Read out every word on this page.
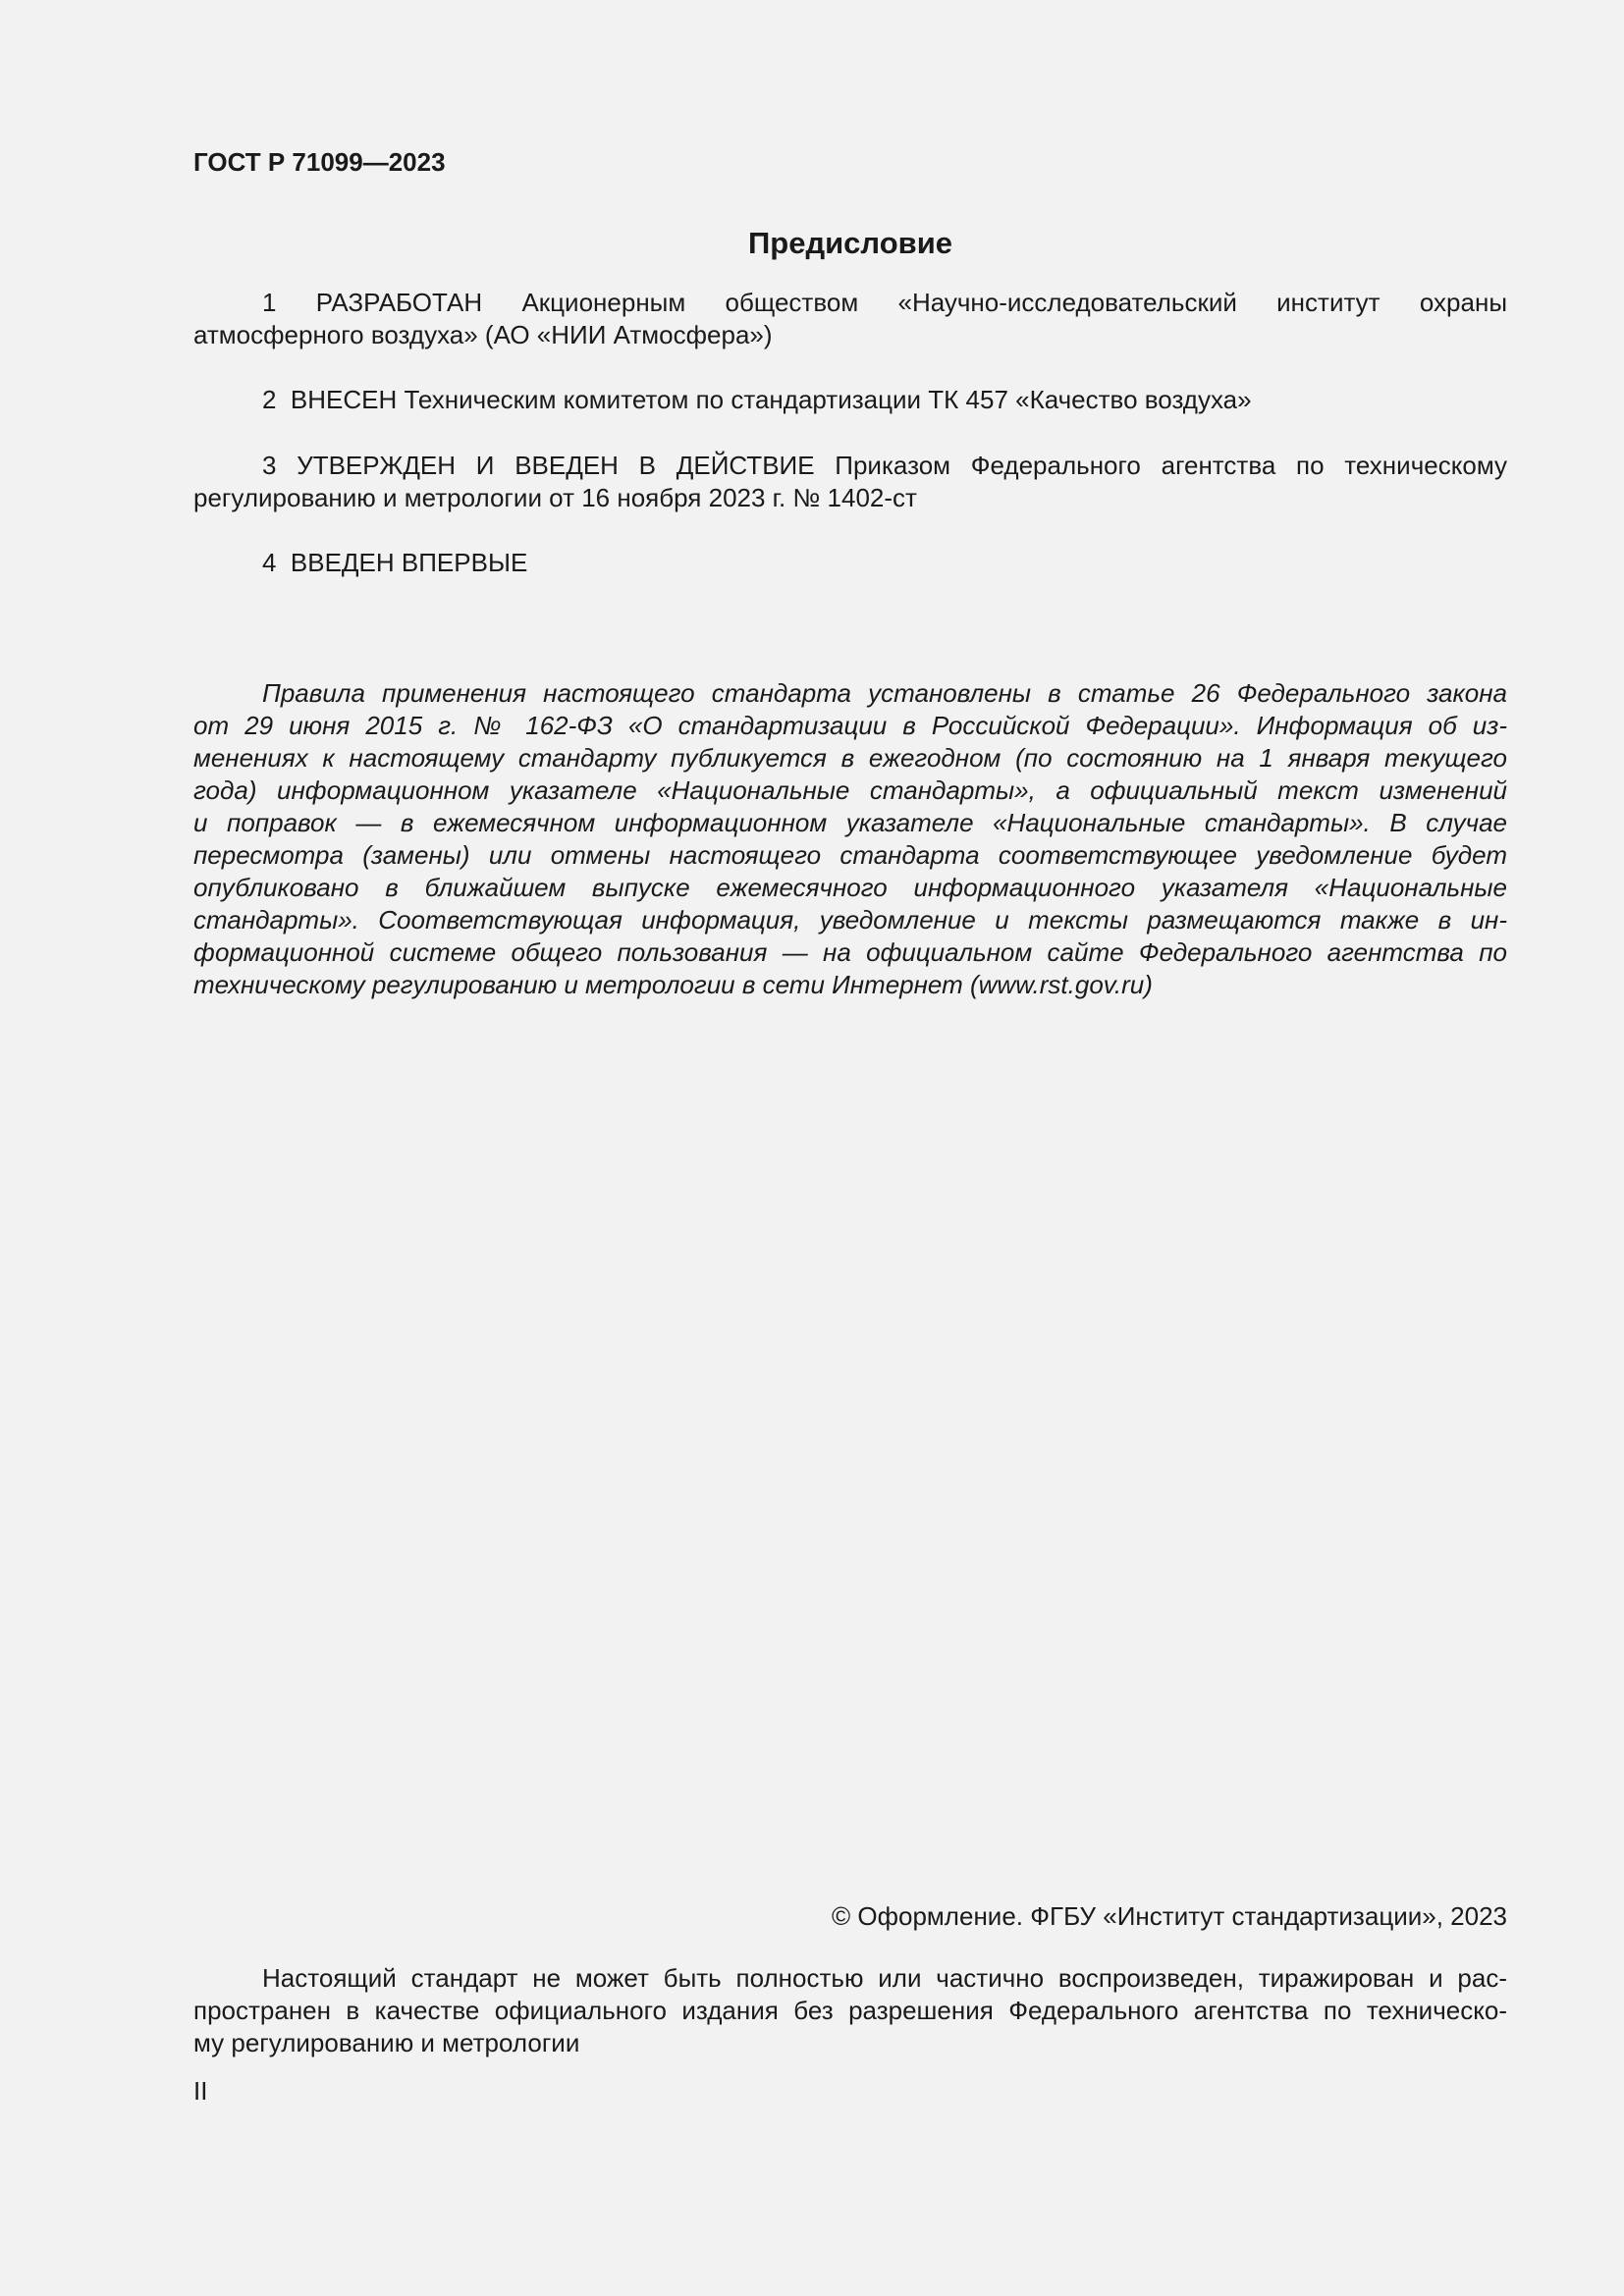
ГОСТ Р 71099—2023
Предисловие
1 РАЗРАБОТАН Акционерным обществом «Научно-исследовательский институт охраны
атмосферного воздуха» (АО «НИИ Атмосфера»)
2  ВНЕСЕН Техническим комитетом по стандартизации ТК 457 «Качество воздуха»
3 УТВЕРЖДЕН И ВВЕДЕН В ДЕЙСТВИЕ Приказом Федерального агентства по техническому
регулированию и метрологии от 16 ноября 2023 г. № 1402-ст
4  ВВЕДЕН ВПЕРВЫЕ
Правила применения настоящего стандарта установлены в статье 26 Федерального закона
от 29 июня 2015 г. № 162-ФЗ «О стандартизации в Российской Федерации». Информация об из-
менениях к настоящему стандарту публикуется в ежегодном (по состоянию на 1 января текущего
года) информационном указателе «Национальные стандарты», а официальный текст изменений
и поправок — в ежемесячном информационном указателе «Национальные стандарты». В случае
пересмотра (замены) или отмены настоящего стандарта соответствующее уведомление будет
опубликовано в ближайшем выпуске ежемесячного информационного указателя «Национальные
стандарты». Соответствующая информация, уведомление и тексты размещаются также в ин-
формационной системе общего пользования — на официальном сайте Федерального агентства по
техническому регулированию и метрологии в сети Интернет (www.rst.gov.ru)
© Оформление. ФГБУ «Институт стандартизации», 2023
Настоящий стандарт не может быть полностью или частично воспроизведен, тиражирован и рас-
пространен в качестве официального издания без разрешения Федерального агентства по техническо-
му регулированию и метрологии
II
